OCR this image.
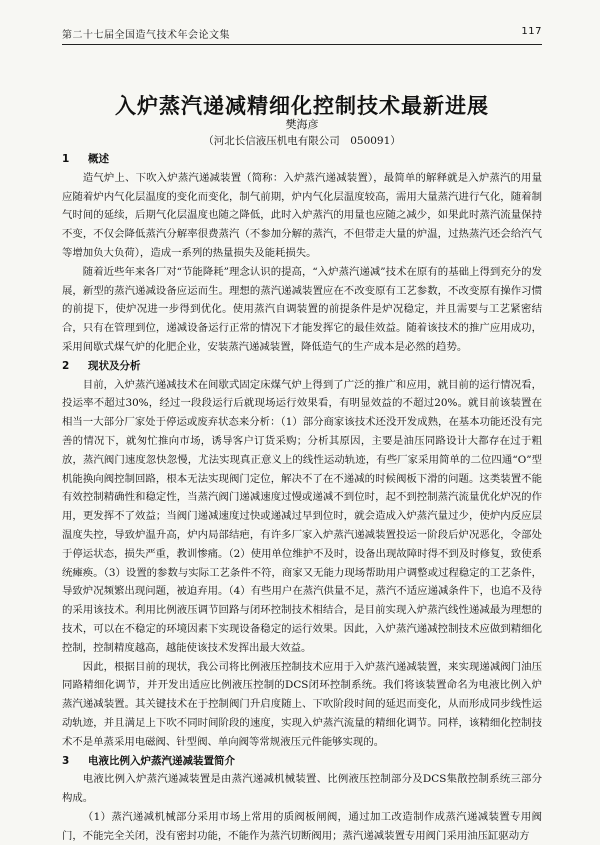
第二十七届全国造气技术年会论文集	117
入炉蒸汽递减精细化控制技术最新进展
樊海彦
（河北长信液压机电有限公司　050091）
1 概述

造气炉上、下吹入炉蒸汽递减装置（简称：入炉蒸汽递减装置），最简单的解释就是入炉蒸汽的用量应随着炉内气化层温度的变化而变化，制气前期，炉内气化层温度较高，需用大量蒸汽进行气化，随着制气时间的延续，后期气化层温度也随之降低，此时入炉蒸汽的用量也应随之减少，如果此时蒸汽流量保持不变，不仅会降低蒸汽分解率很费蒸汽（不参加分解的蒸汽，不但带走大量的炉温，过热蒸汽还会给汽气等增加负大负荷），造成一系列的热量损失及能耗损失。

随着近些年来各厂对“节能降耗”理念认识的提高，“入炉蒸汽递减”技术在原有的基础上得到充分的发展，新型的蒸汽递减设备应运而生。理想的蒸汽递减装置应在不改变原有工艺参数，不改变原有操作习惯的前提下，使炉况进一步得到优化。使用蒸汽自调装置的前提条件是炉况稳定，并且需要与工艺紧密结合，只有在管理到位，递减设备运行正常的情况下才能发挥它的最佳效益。随着该技术的推广应用成功，采用间歇式煤气炉的化肥企业，安装蒸汽递减装置，降低造气的生产成本是必然的趋势。

2 现状及分析

目前，入炉蒸汽递减技术在间歇式固定床煤气炉上得到了广泛的推广和应用，就目前的运行情况看，投运率不超过30%，经过一段段运行后就现场运行效果看，有明显效益的不超过20%。就目前该装置在相当一大部分厂家处于停运或废弃状态来分析：（1）部分商家该技术还没开发成熟，在基本功能还没有完善的情况下，就匆忙推向市场，诱导客户订货采购；分析其原因，主要是油压同路设计大都存在过于粗放，蒸汽阀门速度忽快忽慢，尤法实现真正意义上的线性运动轨迹，有些厂家采用简单的二位四通“O”型机能换向阀控制回路，根本无法实现阀门定位，解决不了在不递减的时候阀板下滑的问题。这类装置不能有效控制精确性和稳定性，当蒸汽阀门递减速度过慢或递减不到位时，起不到控制蒸汽流量优化炉况的作用，更发挥不了效益；当阀门递减速度过快或递减过早到位时，就会造成入炉蒸汽量过少，使炉内反应层温度失控，导致炉温升高，炉内局部结疤，有许多厂家入炉蒸汽递减装置投运一阶段后炉况恶化，令部处于停运状态，损失严重，教训惨痛。（2）使用单位维护不及时，设备出现故障时得不到及时修复，致使系统瘫痪。（3）设置的参数与实际工艺条件不符，商家又无能力现场帮助用户调整或过程稳定的工艺条件，导致炉况频繁出现问题，被迫弃用。（4）有些用户在蒸汽供量不足，蒸汽不适应递减条件下，也追不及待的采用该技术。利用比例液压调节回路与闭环控制技术相结合，是目前实现入炉蒸汽线性递减最为理想的技术，可以在不稳定的环境因素下实现设备稳定的运行效果。因此，入炉蒸汽递减控制技术应做到精细化控制，控制精度越高，越能使该技术发挥出最大效益。

因此，根据目前的现状，我公司将比例液压控制技术应用于入炉蒸汽递减装置，来实现递减阀门油压同路精细化调节，并开发出适应比例液压控制的DCS闭环控制系统。我们将该装置命名为电液比例入炉蒸汽递减装置。其关键技术在于控制阀门升启度随上、下吹阶段时间的延迟而变化，从而形成同步线性运动轨迹，并且满足上下吹不同时间阶段的速度，实现入炉蒸汽流量的精细化调节。同样，该精细化控制技术不是单蒸采用电磁阀、针型阀、单向阀等常规液压元件能够实现的。

3 电液比例入炉蒸汽递减装置简介

电液比例入炉蒸汽递减装置是由蒸汽递减机械装置、比例液压控制部分及DCS集散控制系统三部分构成。

（1）蒸汽递减机械部分采用市场上常用的质阀板闸阀，通过加工改造制作成蒸汽递减装置专用阀门，不能完全关闭，没有密封功能，不能作为蒸汽切断阀用；蒸汽递减装置专用阀门采用油压缸驱动方
